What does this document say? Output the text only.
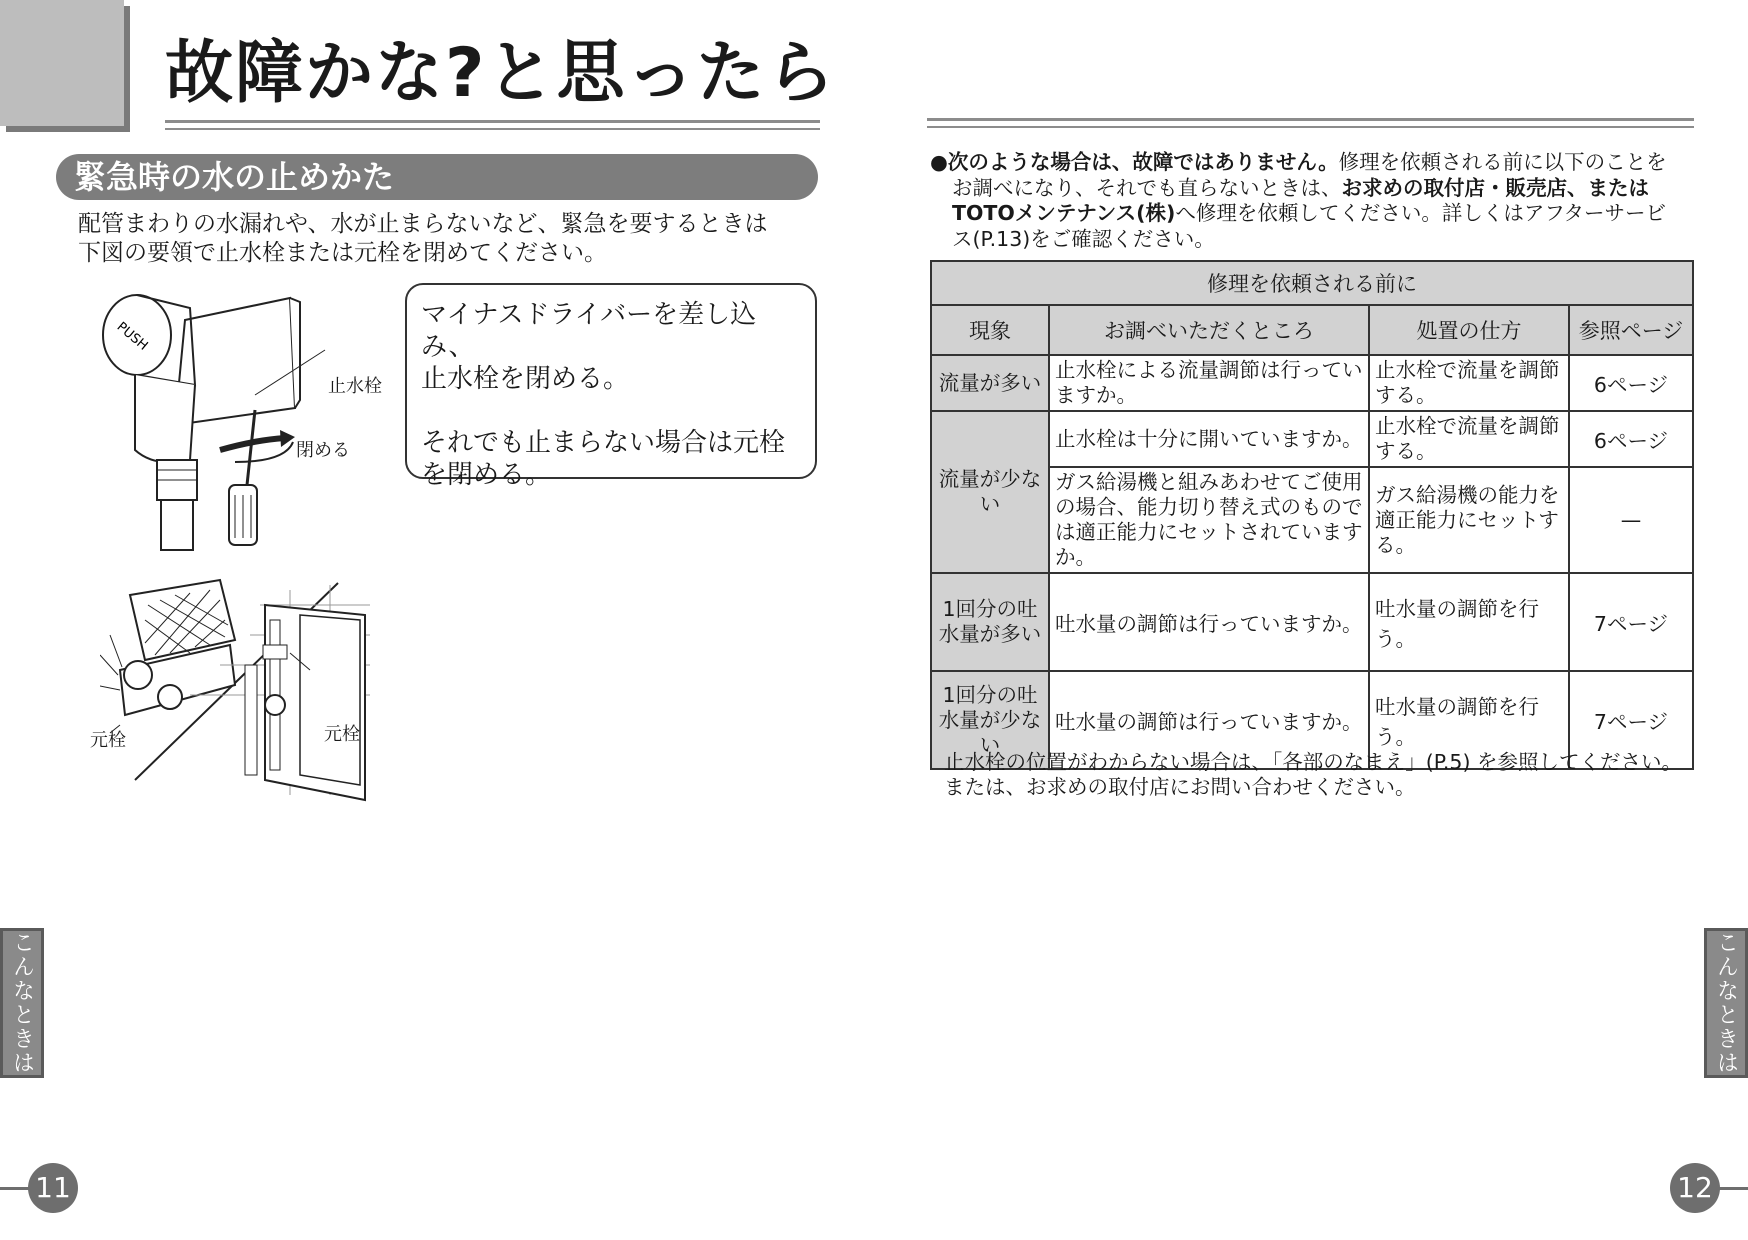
故障かな?と思ったら
緊急時の水の止めかた
配管まわりの水漏れや、水が止まらないなど、緊急を要するときは
下図の要領で止水栓または元栓を閉めてください。
PUSH
止水栓
閉める
元栓	元栓

マイナスドライバーを差し込み、
止水栓を閉める。

それでも止まらない場合は元栓
を閉める。

こんなときは
11
●次のような場合は、故障ではありません。修理を依頼される前に以下のことを
お調べになり、それでも直らないときは、お求めの取付店・販売店、または
TOTOメンテナンス(株)へ修理を依頼してください。詳しくはアフターサービ
ス(P.13)をご確認ください。
修理を依頼される前に			
現象	お調べいただくところ	処置の仕方	参照ページ
流量が多い	止水栓による流量調節は行っていますか。	止水栓で流量を調節する。	6ページ
流量が少ない	止水栓は十分に開いていますか。	止水栓で流量を調節する。	6ページ
	ガス給湯機と組みあわせてご使用の場合、能力切り替え式のものでは適正能力にセットされていますか。	ガス給湯機の能力を適正能力にセットする。	—
1回分の吐水量が多い	吐水量の調節は行っていますか。	吐水量の調節を行う。	7ページ
1回分の吐水量が少ない	吐水量の調節は行っていますか。	吐水量の調節を行う。	7ページ
止水栓の位置がわからない場合は、「各部のなまえ」(P.5) を参照してください。
または、お求めの取付店にお問い合わせください。
こんなときは
12
